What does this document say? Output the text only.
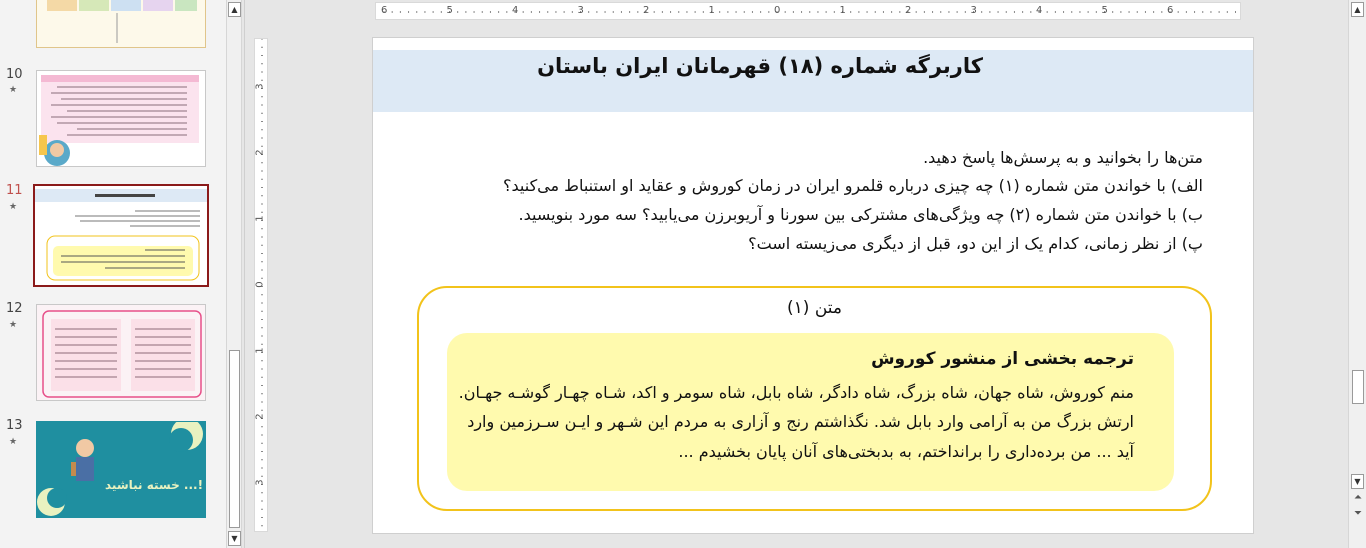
10
★
11
★
12
★
13
★
!... خسته نباشید
▲
▼
6	5	4	3	2	1	0	1	2	3	4	5	6
3
2
1
0
1
2
3
کاربرگه شماره (۱۸) قهرمانان ایران باستان
متن‌ها را بخوانید و به پرسش‌ها پاسخ دهید.
الف) با خواندن متن شماره (۱) چه چیزی درباره قلمرو ایران در زمان کوروش و عقاید او استنباط می‌کنید؟
ب) با خواندن متن شماره (۲) چه ویژگی‌های مشترکی بین سورنا و آریوبرزن می‌یابید؟ سه مورد بنویسید.
پ) از نظر زمانی، کدام یک از این دو، قبل از دیگری می‌زیسته است؟
متن (۱)
ترجمه بخشی از منشور کوروش
منم کوروش، شاه جهان، شاه بزرگ، شاه دادگر، شاه بابل، شاه سومر و اکد، شـاه چهـار گوشـه جهـان.
ارتش بزرگ من به آرامی وارد بابل شد. نگذاشتم رنج و آزاری به مردم این شـهر و ایـن سـرزمین وارد
آید ... من برده‌داری را برانداختم، به بدبختی‌های آنان پایان بخشیدم ...
▲
▼
⏶
⏷
